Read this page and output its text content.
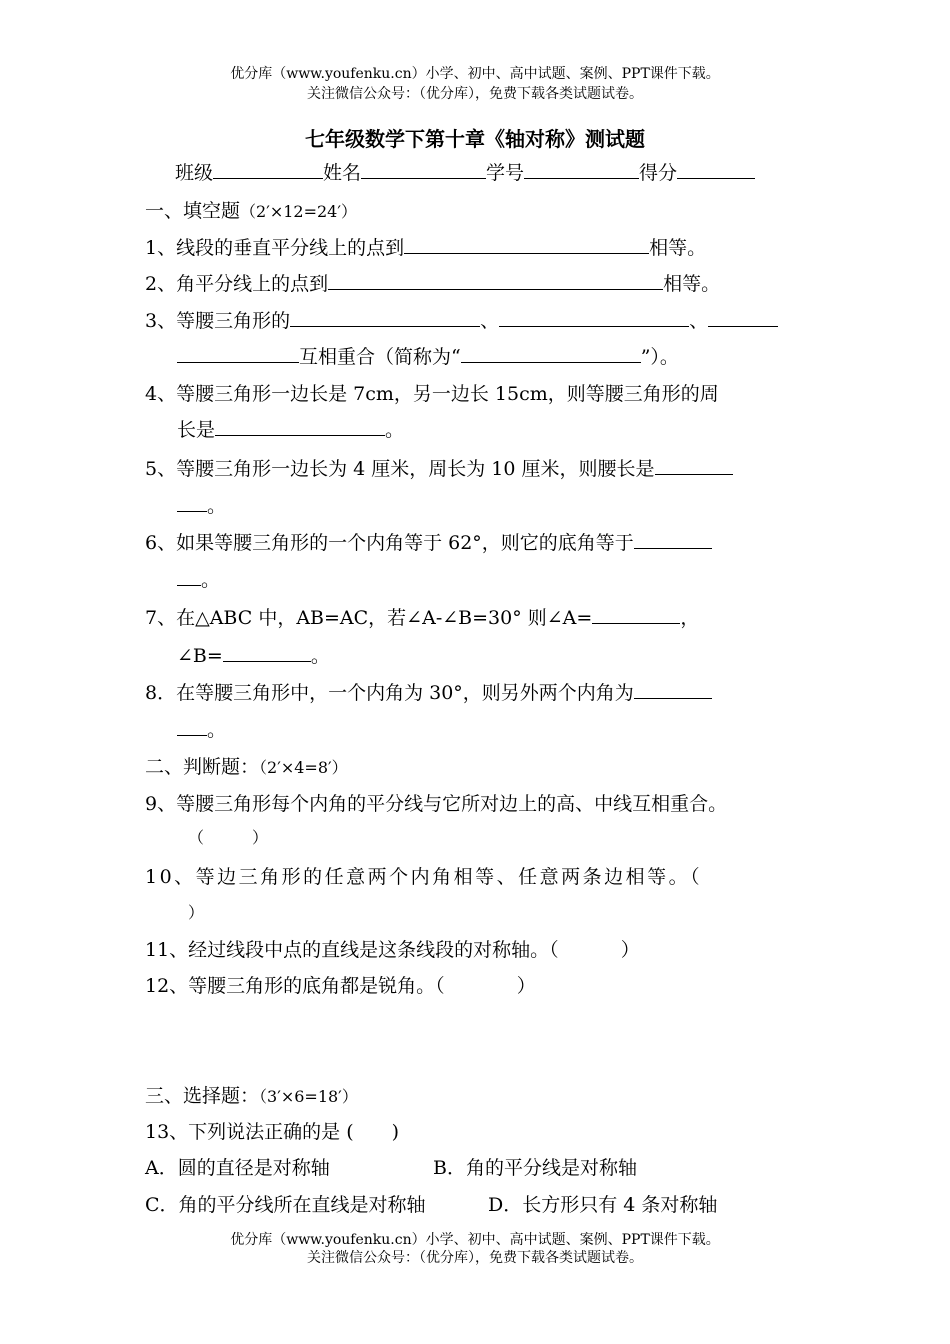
优分库（www.youfenku.cn）小学、初中、高中试题、案例、PPT课件下载。
关注微信公众号：（优分库），免费下载各类试题试卷。
七年级数学下第十章《轴对称》测试题
班级	姓名	学号	得分
一、填空题（2′×12=24′）
1、线段的垂直平分线上的点到	相等。
2、角平分线上的点到	相等。
3、等腰三角形的	、	、
互相重合（简称为“	”）。
4、等腰三角形一边长是 7cm，另一边长 15cm，则等腰三角形的周
长是	。
5、等腰三角形一边长为 4 厘米，周长为 10 厘米，则腰长是
。
6、如果等腰三角形的一个内角等于 62°，则它的底角等于
。
7、在△ABC 中，AB=AC，若∠A-∠B=30° 则∠A=	，
∠B=	。
8．在等腰三角形中，一个内角为 30°，则另外两个内角为
。
二、判断题：（2′×4=8′）
9、等腰三角形每个内角的平分线与它所对边上的高、中线互相重合。
（　　　）
10、等边三角形的任意两个内角相等、任意两条边相等。（
）
11、经过线段中点的直线是这条线段的对称轴。（	）
12、等腰三角形的底角都是锐角。（	）
三、选择题：（3′×6=18′）
13、下列说法正确的是 (　　)
A．圆的直径是对称轴	B．角的平分线是对称轴
C．角的平分线所在直线是对称轴	D．长方形只有 4 条对称轴
优分库（www.youfenku.cn）小学、初中、高中试题、案例、PPT课件下载。
关注微信公众号：（优分库），免费下载各类试题试卷。
